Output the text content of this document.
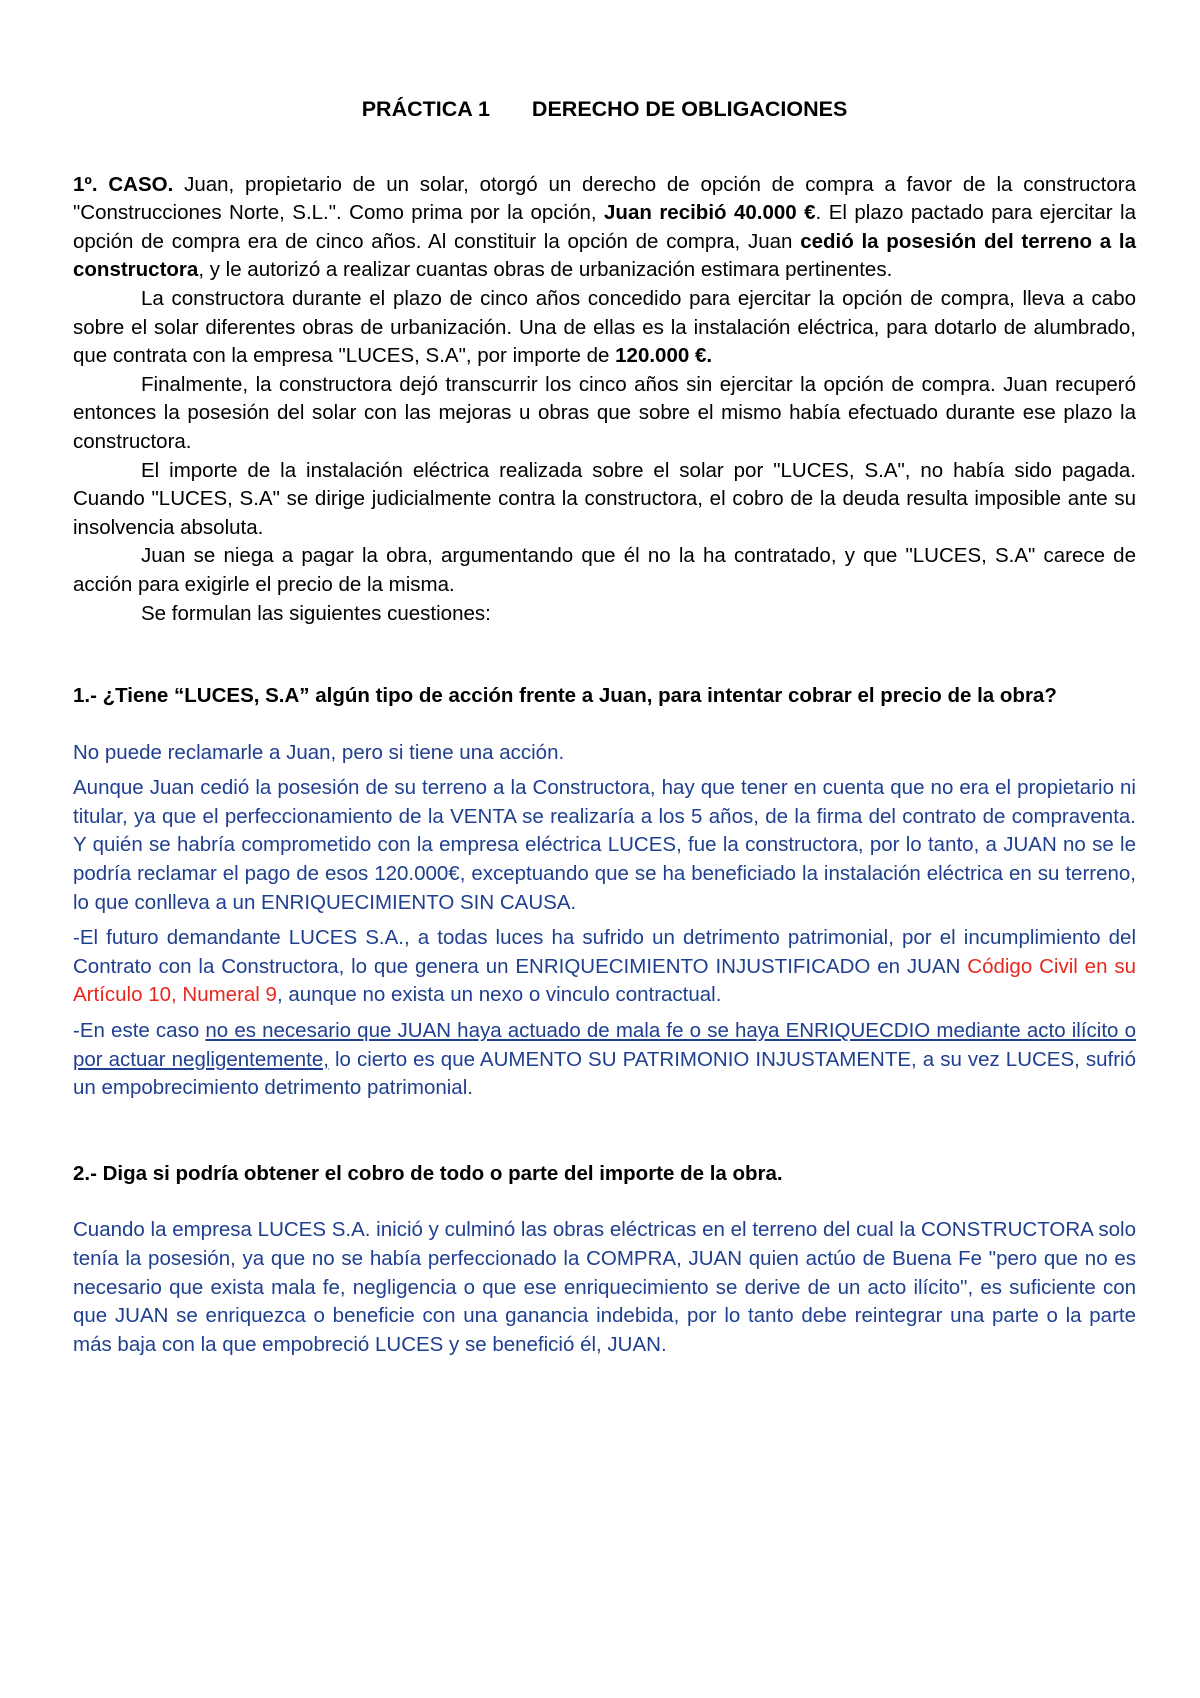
PRÁCTICA 1 DERECHO DE OBLIGACIONES

1º. CASO. Juan, propietario de un solar, otorgó un derecho de opción de compra a favor de la constructora "Construcciones Norte, S.L.". Como prima por la opción, Juan recibió 40.000 €. El plazo pactado para ejercitar la opción de compra era de cinco años. Al constituir la opción de compra, Juan cedió la posesión del terreno a la constructora, y le autorizó a realizar cuantas obras de urbanización estimara pertinentes.

La constructora durante el plazo de cinco años concedido para ejercitar la opción de compra, lleva a cabo sobre el solar diferentes obras de urbanización. Una de ellas es la instalación eléctrica, para dotarlo de alumbrado, que contrata con la empresa "LUCES, S.A", por importe de 120.000 €.

Finalmente, la constructora dejó transcurrir los cinco años sin ejercitar la opción de compra. Juan recuperó entonces la posesión del solar con las mejoras u obras que sobre el mismo había efectuado durante ese plazo la constructora.

El importe de la instalación eléctrica realizada sobre el solar por "LUCES, S.A", no había sido pagada. Cuando "LUCES, S.A" se dirige judicialmente contra la constructora, el cobro de la deuda resulta imposible ante su insolvencia absoluta.

Juan se niega a pagar la obra, argumentando que él no la ha contratado, y que "LUCES, S.A" carece de acción para exigirle el precio de la misma.

Se formulan las siguientes cuestiones:

1.- ¿Tiene “LUCES, S.A” algún tipo de acción frente a Juan, para intentar cobrar el precio de la obra?

No puede reclamarle a Juan, pero si tiene una acción.

Aunque Juan cedió la posesión de su terreno a la Constructora, hay que tener en cuenta que no era el propietario ni titular, ya que el perfeccionamiento de la VENTA se realizaría a los 5 años, de la firma del contrato de compraventa. Y quién se habría comprometido con la empresa eléctrica LUCES, fue la constructora, por lo tanto, a JUAN no se le podría reclamar el pago de esos 120.000€, exceptuando que se ha beneficiado la instalación eléctrica en su terreno, lo que conlleva a un ENRIQUECIMIENTO SIN CAUSA.

-El futuro demandante LUCES S.A., a todas luces ha sufrido un detrimento patrimonial, por el incumplimiento del Contrato con la Constructora, lo que genera un ENRIQUECIMIENTO INJUSTIFICADO en JUAN Código Civil en su Artículo 10, Numeral 9, aunque no exista un nexo o vinculo contractual.

-En este caso no es necesario que JUAN haya actuado de mala fe o se haya ENRIQUECDIO mediante acto ilícito o por actuar negligentemente, lo cierto es que AUMENTO SU PATRIMONIO INJUSTAMENTE, a su vez LUCES, sufrió un empobrecimiento detrimento patrimonial.

2.- Diga si podría obtener el cobro de todo o parte del importe de la obra.

Cuando la empresa LUCES S.A. inició y culminó las obras eléctricas en el terreno del cual la CONSTRUCTORA solo tenía la posesión, ya que no se había perfeccionado la COMPRA, JUAN quien actúo de Buena Fe "pero que no es necesario que exista mala fe, negligencia o que ese enriquecimiento se derive de un acto ilícito", es suficiente con que JUAN se enriquezca o beneficie con una ganancia indebida, por lo tanto debe reintegrar una parte o la parte más baja con la que empobreció LUCES y se benefició él, JUAN.
